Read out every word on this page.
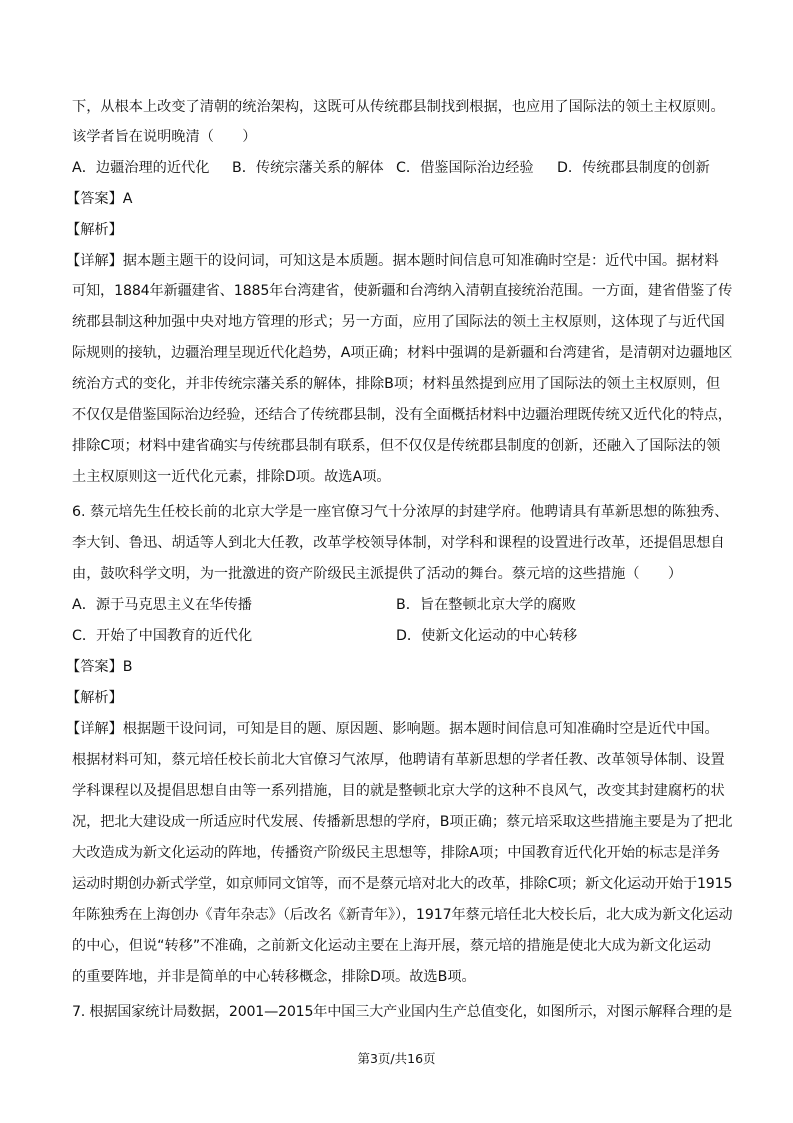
下，从根本上改变了清朝的统治架构，这既可从传统郡县制找到根据，也应用了国际法的领土主权原则。
该学者旨在说明晚清（　　）
A．边疆治理的近代化 B．传统宗藩关系的解体 C．借鉴国际治边经验 D．传统郡县制度的创新
【答案】A
【解析】
【详解】据本题主题干的设问词，可知这是本质题。据本题时间信息可知准确时空是：近代中国。据材料
可知，1884年新疆建省、1885年台湾建省，使新疆和台湾纳入清朝直接统治范围。一方面，建省借鉴了传
统郡县制这种加强中央对地方管理的形式；另一方面，应用了国际法的领土主权原则，这体现了与近代国
际规则的接轨，边疆治理呈现近代化趋势，A项正确；材料中强调的是新疆和台湾建省，是清朝对边疆地区
统治方式的变化，并非传统宗藩关系的解体，排除B项；材料虽然提到应用了国际法的领土主权原则，但
不仅仅是借鉴国际治边经验，还结合了传统郡县制，没有全面概括材料中边疆治理既传统又近代化的特点，
排除C项；材料中建省确实与传统郡县制有联系，但不仅仅是传统郡县制度的创新，还融入了国际法的领
土主权原则这一近代化元素，排除D项。故选A项。
6. 蔡元培先生任校长前的北京大学是一座官僚习气十分浓厚的封建学府。他聘请具有革新思想的陈独秀、
李大钊、鲁迅、胡适等人到北大任教，改革学校领导体制，对学科和课程的设置进行改革，还提倡思想自
由，鼓吹科学文明，为一批激进的资产阶级民主派提供了活动的舞台。蔡元培的这些措施（　　）
A．源于马克思主义在华传播	B．旨在整顿北京大学的腐败
C．开始了中国教育的近代化	D．使新文化运动的中心转移
【答案】B
【解析】
【详解】根据题干设问词，可知是目的题、原因题、影响题。据本题时间信息可知准确时空是近代中国。
根据材料可知，蔡元培任校长前北大官僚习气浓厚，他聘请有革新思想的学者任教、改革领导体制、设置
学科课程以及提倡思想自由等一系列措施，目的就是整顿北京大学的这种不良风气，改变其封建腐朽的状
况，把北大建设成一所适应时代发展、传播新思想的学府，B项正确；蔡元培采取这些措施主要是为了把北
大改造成为新文化运动的阵地，传播资产阶级民主思想等，排除A项；中国教育近代化开始的标志是洋务
运动时期创办新式学堂，如京师同文馆等，而不是蔡元培对北大的改革，排除C项；新文化运动开始于1915
年陈独秀在上海创办《青年杂志》（后改名《新青年》），1917年蔡元培任北大校长后，北大成为新文化运动
的中心，但说“转移”不准确，之前新文化运动主要在上海开展，蔡元培的措施是使北大成为新文化运动
的重要阵地，并非是简单的中心转移概念，排除D项。故选B项。
7. 根据国家统计局数据，2001—2015年中国三大产业国内生产总值变化，如图所示，对图示解释合理的是
第3页/共16页
